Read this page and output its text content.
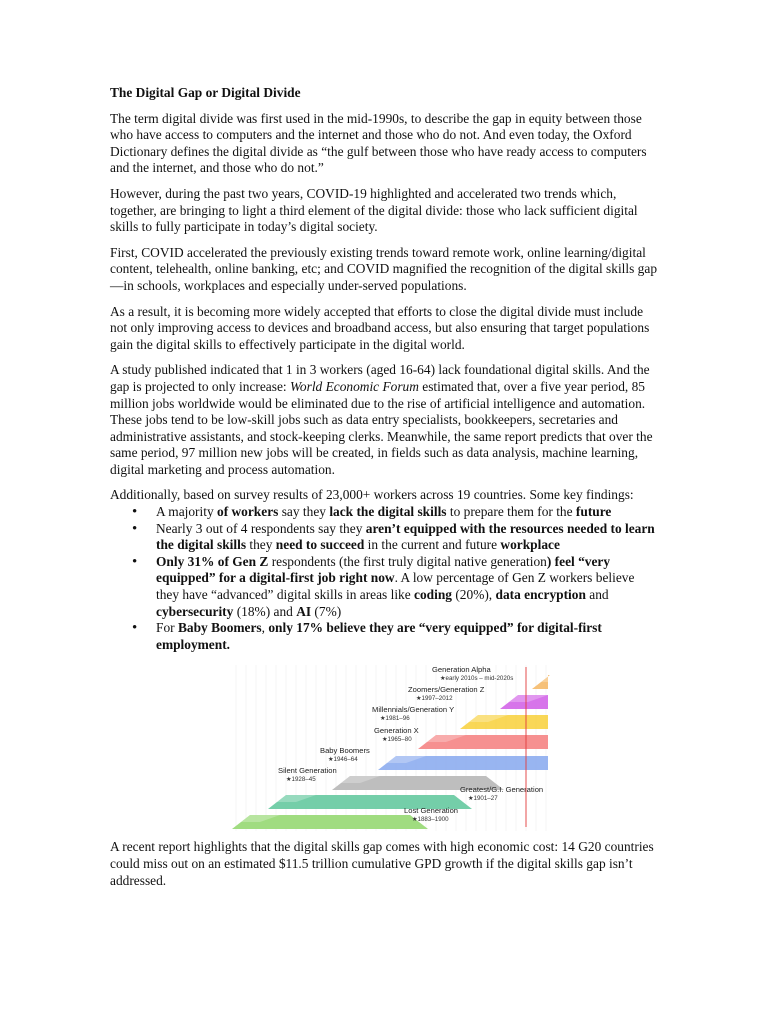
The Digital Gap or Digital Divide

The term digital divide was first used in the mid-1990s, to describe the gap in equity between those who have access to computers and the internet and those who do not. And even today, the Oxford Dictionary defines the digital divide as “the gulf between those who have ready access to computers and the internet, and those who do not.”

However, during the past two years, COVID-19 highlighted and accelerated two trends which, together, are bringing to light a third element of the digital divide: those who lack sufficient digital skills to fully participate in today’s digital society.

First, COVID accelerated the previously existing trends toward remote work, online learning/digital content, telehealth, online banking, etc; and COVID magnified the recognition of the digital skills gap—in schools, workplaces and especially under-served populations.

As a result, it is becoming more widely accepted that efforts to close the digital divide must include not only improving access to devices and broadband access, but also ensuring that target populations gain the digital skills to effectively participate in the digital world.

A study published indicated that 1 in 3 workers (aged 16-64) lack foundational digital skills. And the gap is projected to only increase: World Economic Forum estimated that, over a five year period, 85 million jobs worldwide would be eliminated due to the rise of artificial intelligence and automation. These jobs tend to be low-skill jobs such as data entry specialists, bookkeepers, secretaries and administrative assistants, and stock-keeping clerks. Meanwhile, the same report predicts that over the same period, 97 million new jobs will be created, in fields such as data analysis, machine learning, digital marketing and process automation.

Additionally, based on survey results of 23,000+ workers across 19 countries. Some key findings:

• A majority of workers say they lack the digital skills to prepare them for the future
• Nearly 3 out of 4 respondents say they aren’t equipped with the resources needed to learn the digital skills they need to succeed in the current and future workplace
• Only 31% of Gen Z respondents (the first truly digital native generation) feel “very equipped” for a digital-first job right now. A low percentage of Gen Z workers believe they have “advanced” digital skills in areas like coding (20%), data encryption and cybersecurity (18%) and AI (7%)
• For Baby Boomers, only 17% believe they are “very equipped” for digital-first employment.
Generation Alpha
★early 2010s – mid-2020s
Zoomers/Generation Z
★1997–2012
Millennials/Generation Y
★1981–96
Generation X
★1965–80
Baby Boomers
★1946–64
Silent Generation
★1928–45
Greatest/G.I. Generation
★1901–27
Lost Generation
★1883–1900

A recent report highlights that the digital skills gap comes with high economic cost: 14 G20 countries could miss out on an estimated $11.5 trillion cumulative GPD growth if the digital skills gap isn’t addressed.
